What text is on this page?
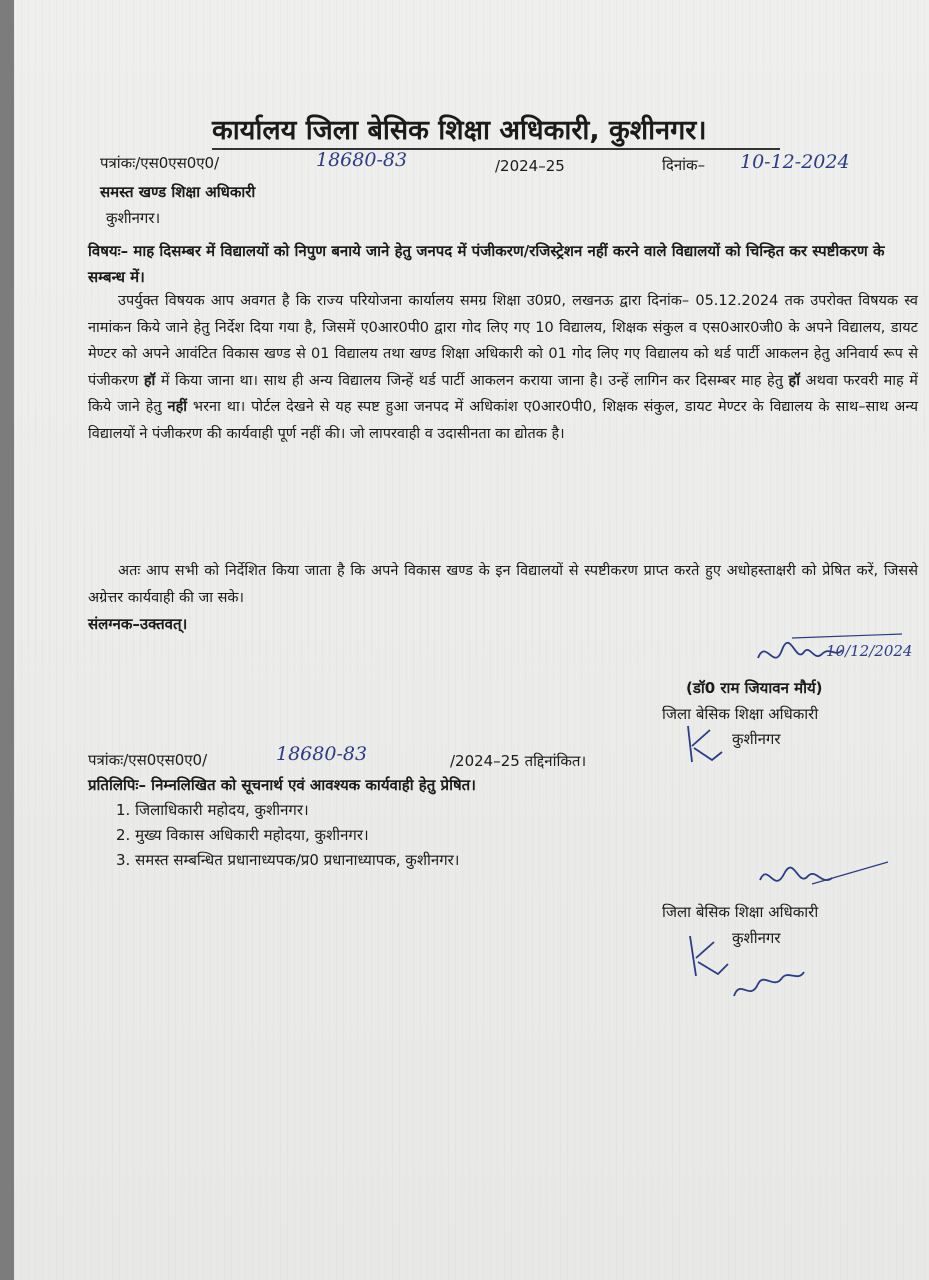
कार्यालय जिला बेसिक शिक्षा अधिकारी, कुशीनगर।
पत्रांकः/एस0एस0ए0/	18680-83	/2024–25	दिनांक– 10-12-2024
समस्त खण्ड शिक्षा अधिकारी
कुशीनगर।
विषयः– माह दिसम्बर में विद्यालयों को निपुण बनाये जाने हेतु जनपद में पंजीकरण/रजिस्ट्रेशन नहीं करने वाले विद्यालयों को चिन्हित कर स्पष्टीकरण के सम्बन्ध में।
उपर्युक्त विषयक आप अवगत है कि राज्य परियोजना कार्यालय समग्र शिक्षा उ0प्र0, लखनऊ द्वारा दिनांक– 05.12.2024 तक उपरोक्त विषयक स्व नामांकन किये जाने हेतु निर्देश दिया गया है, जिसमें ए0आर0पी0 द्वारा गोद लिए गए 10 विद्यालय, शिक्षक संकुल व एस0आर0जी0 के अपने विद्यालय, डायट मेण्टर को अपने आवंटित विकास खण्ड से 01 विद्यालय तथा खण्ड शिक्षा अधिकारी को 01 गोद लिए गए विद्यालय को थर्ड पार्टी आकलन हेतु अनिवार्य रूप से पंजीकरण हॉ में किया जाना था। साथ ही अन्य विद्यालय जिन्हें थर्ड पार्टी आकलन कराया जाना है। उन्हें लागिन कर दिसम्बर माह हेतु हॉ अथवा फरवरी माह में किये जाने हेतु नहीं भरना था। पोर्टल देखने से यह स्पष्ट हुआ जनपद में अधिकांश ए0आर0पी0, शिक्षक संकुल, डायट मेण्टर के विद्यालय के साथ–साथ अन्य विद्यालयों ने पंजीकरण की कार्यवाही पूर्ण नहीं की। जो लापरवाही व उदासीनता का द्योतक है।
अतः आप सभी को निर्देशित किया जाता है कि अपने विकास खण्ड के इन विद्यालयों से स्पष्टीकरण प्राप्त करते हुए अधोहस्ताक्षरी को प्रेषित करें, जिससे अग्रेत्तर कार्यवाही की जा सके।
संलग्नक–उक्तवत्।
10/12/2024
(डॉ0 राम जियावन मौर्य)
जिला बेसिक शिक्षा अधिकारी
कुशीनगर
पत्रांकः/एस0एस0ए0/	18680-83	/2024–25 तद्दिनांकित।
प्रतिलिपिः– निम्नलिखित को सूचनार्थ एवं आवश्यक कार्यवाही हेतु प्रेषित।
1. जिलाधिकारी महोदय, कुशीनगर।
2. मुख्य विकास अधिकारी महोदया, कुशीनगर।
3. समस्त सम्बन्धित प्रधानाध्यपक/प्र0 प्रधानाध्यापक, कुशीनगर।
जिला बेसिक शिक्षा अधिकारी
कुशीनगर
